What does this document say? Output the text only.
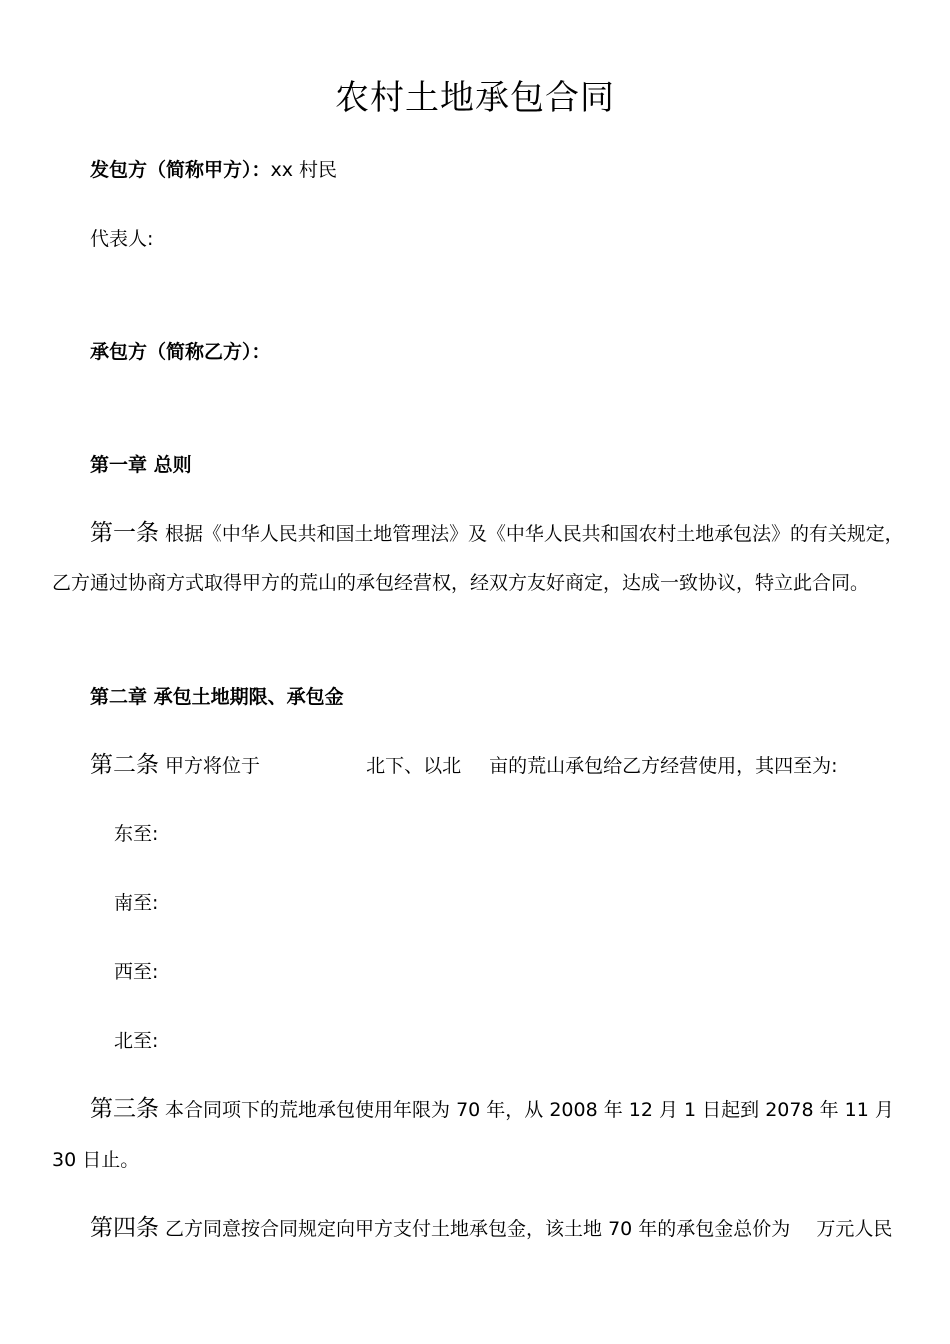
农村土地承包合同
发包方（简称甲方）：xx 村民
代表人:
承包方（简称乙方）：
第一章 总则
第一条 根据《中华人民共和国土地管理法》及《中华人民共和国农村土地承包法》的有关规定，
乙方通过协商方式取得甲方的荒山的承包经营权，经双方友好商定，达成一致协议，特立此合同。
第二章 承包土地期限、承包金
第二条 甲方将位于	北下、以北 亩的荒山承包给乙方经营使用，其四至为:
东至:
南至:
西至:
北至:
第三条 本合同项下的荒地承包使用年限为 70 年，从 2008 年 12 月 1 日起到 2078 年 11 月
30 日止。
第四条 乙方同意按合同规定向甲方支付土地承包金，该土地 70 年的承包金总价为 万元人民
